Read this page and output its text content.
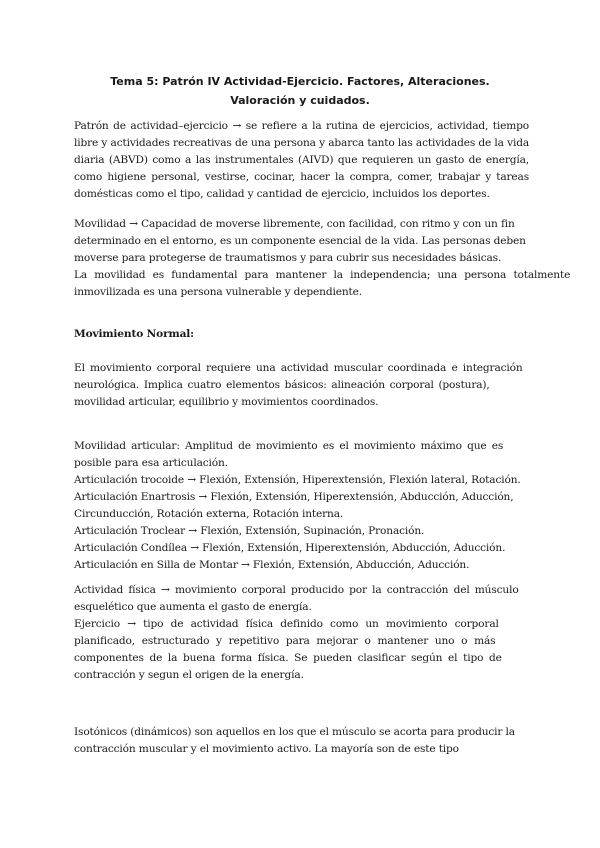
Tema 5: Patrón IV Actividad-Ejercicio. Factores, Alteraciones. Valoración y cuidados.

Patrón de actividad–ejercicio → se refiere a la rutina de ejercicios, actividad, tiempo

libre y actividades recreativas de una persona y abarca tanto las actividades de la vida

diaria (ABVD) como a las instrumentales (AIVD) que requieren un gasto de energía,

como higiene personal, vestirse, cocinar, hacer la compra, comer, trabajar y tareas

domésticas como el tipo, calidad y cantidad de ejercicio, incluidos los deportes.

Movilidad → Capacidad de moverse libremente, con facilidad, con ritmo y con un fin

determinado en el entorno, es un componente esencial de la vida. Las personas deben

moverse para protegerse de traumatismos y para cubrir sus necesidades básicas.

La movilidad es fundamental para mantener la independencia; una persona totalmente

inmovilizada es una persona vulnerable y dependiente.

Movimiento Normal:

El movimiento corporal requiere una actividad muscular coordinada e integración

neurológica. Implica cuatro elementos básicos: alineación corporal (postura),

movilidad articular, equilibrio y movimientos coordinados.

Movilidad articular: Amplitud de movimiento es el movimiento máximo que es

posible para esa articulación.

Articulación trocoide → Flexión, Extensión, Hiperextensión, Flexión lateral, Rotación.

Articulación Enartrosis → Flexión, Extensión, Hiperextensión, Abducción, Aducción,

Circunducción, Rotación externa, Rotación interna.

Articulación Troclear → Flexión, Extensión, Supinación, Pronación.

Articulación Condílea → Flexión, Extensión, Hiperextensión, Abducción, Aducción.

Articulación en Silla de Montar → Flexión, Extensión, Abducción, Aducción.

Actividad física → movimiento corporal producido por la contracción del músculo

esquelético que aumenta el gasto de energía.

Ejercicio → tipo de actividad física definido como un movimiento corporal

planificado, estructurado y repetitivo para mejorar o mantener uno o más

componentes de la buena forma física. Se pueden clasificar según el tipo de

contracción y segun el origen de la energía.

Isotónicos (dinámicos) son aquellos en los que el músculo se acorta para producir la

contracción muscular y el movimiento activo. La mayoría son de este tipo
